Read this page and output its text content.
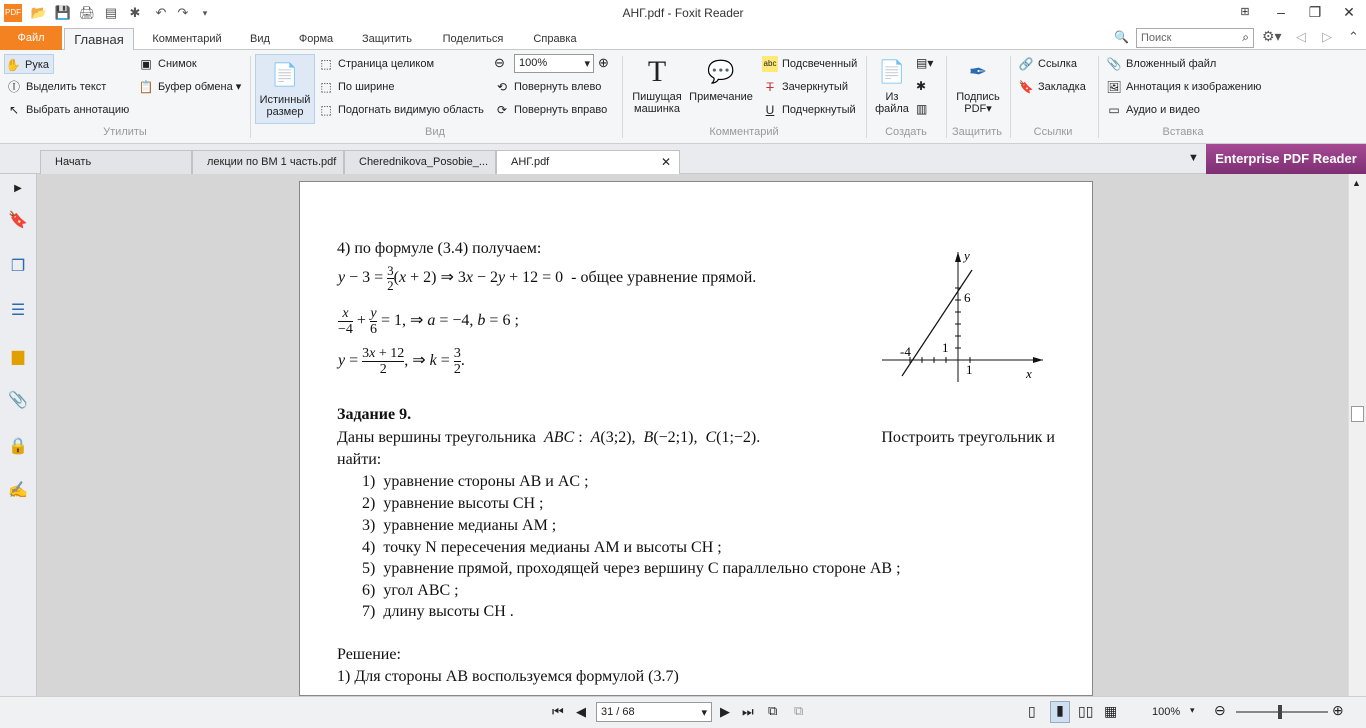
PDF 📂 💾 🖨 ▤ ✱ ↶ ↷	▾	АНГ.pdf - Foxit Reader	⊞	–	❐	✕
Файл	Главная	Комментарий	Вид	Форма	Защитить	Поделиться	Справка	🔍 Поиск	⌕ ⚙▾ ◁ ▷ ⌃
✋ Рука
Ⓘ Выделить текст
↖ Выбрать аннотацию
▣ Снимок
📋 Буфер обмена ▾
Утилиты
📄
Истинный
размер
⬚ Страница целиком
⬚ По ширине
⬚ Подогнать видимую область
⊖	100%	▾ ⊕
⟲ Повернуть влево
⟳ Повернуть вправо
Вид
T
Пишущая
машинка
💬
Примечание
abc Подсвеченный
T Зачеркнутый
U Подчеркнутый
Комментарий
📄
Из
файла
▤▾
✱
▥
Создать
✒
Подпись
PDF▾
Защитить
🔗 Ссылка
🔖 Закладка
Ссылки
📎 Вложенный файл
🖼 Аннотация к изображению
▭ Аудио и видео
Вставка
Начать	лекции по ВМ 1 часть.pdf	Cherednikova_Posobie_...	АНГ.pdf	✕	▼	Enterprise PDF Reader
▶
🔖
❐
☰
▆
📎
🔒
✍
4) по формуле (3.4) получаем:
$y - 3 = \frac{3}{2} (x + 2)$ ⇒ 3x − 2y + 12 = 0  - общее уравнение прямой.
$\frac{x}{-4} + \frac{y}{6} = 1$, ⇒ a = −4, b = 6 ;
$y = \frac{3x + 12}{2}$ , ⇒ $k = \frac{3}{2}$ .
y
x
6
-4 1
1
Задание 9.
Даны вершины треугольника ABC :  A(3;2),  B(−2;1),  C(1;−2).	Построить треугольник и
найти:
1)  уравнение стороны AB и AC ;
2)  уравнение высоты CH ;
3)  уравнение медианы AM ;
4)  точку N пересечения медианы AM и высоты CH ;
5)  уравнение прямой, проходящей через вершину C параллельно стороне AB ;
6)  угол ABC ;
7)  длину высоты CH .
Решение:
1) Для стороны AB воспользуемся формулой (3.7)
▲
⏮ ◀	31 / 68	▾ ▶ ⏭ ⧉ ⧉	▯	▮	▯▯ ▦	100% ▾ ⊖	⊕
